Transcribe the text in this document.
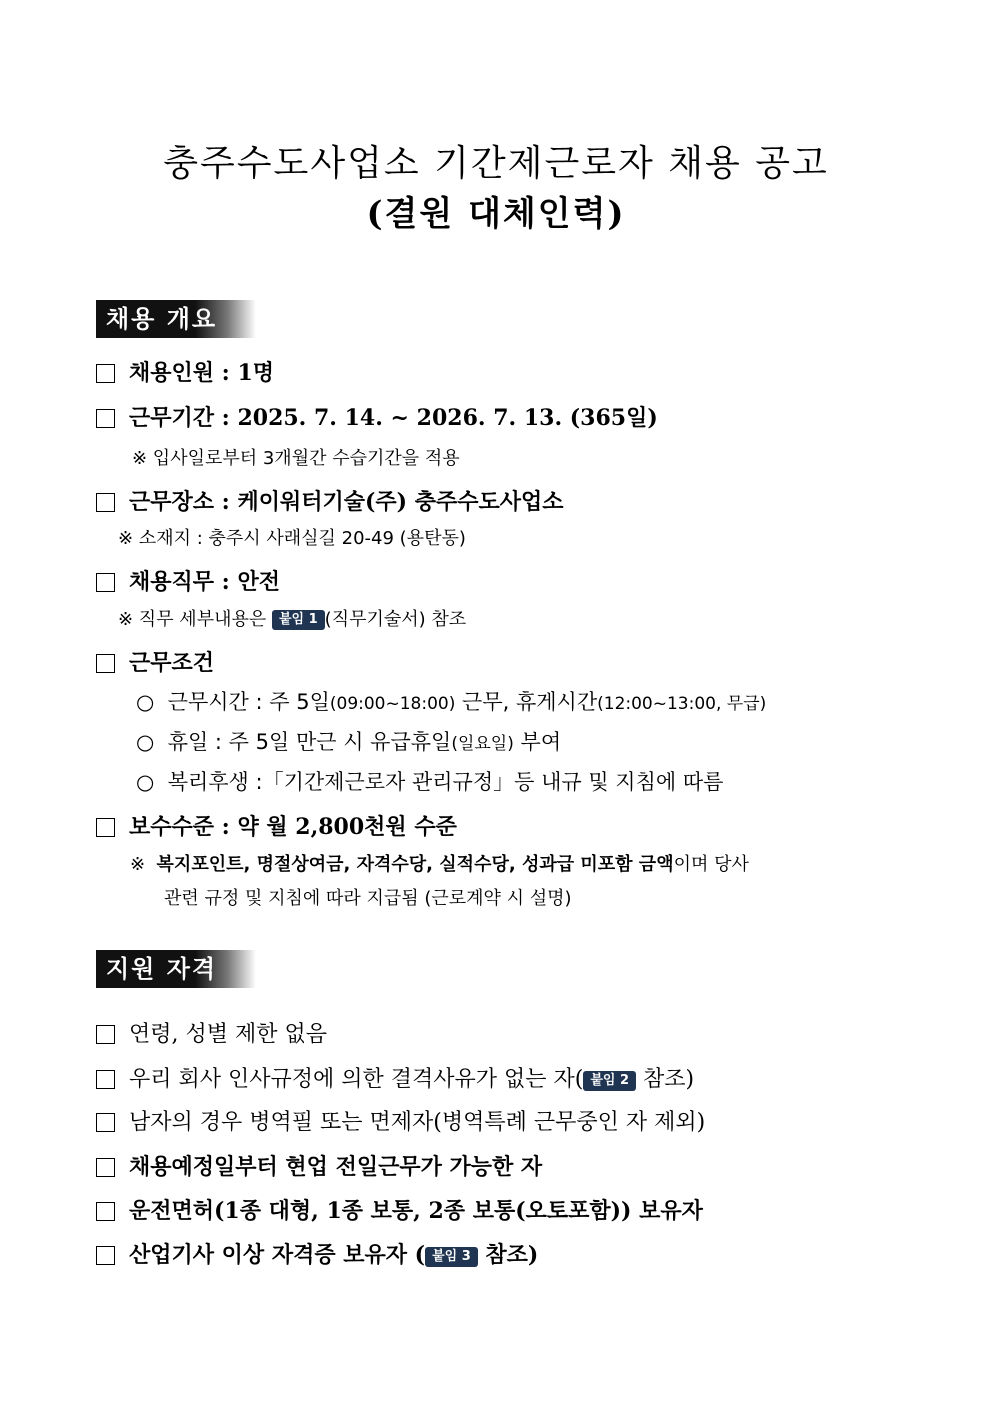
충주수도사업소 기간제근로자 채용 공고
(결원 대체인력)
채용 개요
채용인원 : 1명
근무기간 : 2025. 7. 14. ~ 2026. 7. 13. (365일)
※ 입사일로부터 3개월간 수습기간을 적용
근무장소 : 케이워터기술(주) 충주수도사업소
※ 소재지 : 충주시 사래실길 20-49 (용탄동)
채용직무 : 안전
※ 직무 세부내용은 붙임 1 (직무기술서) 참조
근무조건
○ 근무시간 : 주 5일(09:00~18:00) 근무, 휴게시간(12:00~13:00, 무급)
○ 휴일 : 주 5일 만근 시 유급휴일(일요일) 부여
○ 복리후생 :「기간제근로자 관리규정」등 내규 및 지침에 따름
보수수준 : 약 월 2,800천원 수준
※ 복지포인트, 명절상여금, 자격수당, 실적수당, 성과급 미포함 금액이며 당사
관련 규정 및 지침에 따라 지급됨 (근로계약 시 설명)
지원 자격
연령, 성별 제한 없음
우리 회사 인사규정에 의한 결격사유가 없는 자( 붙임 2 참조)
남자의 경우 병역필 또는 면제자(병역특례 근무중인 자 제외)
채용예정일부터 현업 전일근무가 가능한 자
운전면허(1종 대형, 1종 보통, 2종 보통(오토포함)) 보유자
산업기사 이상 자격증 보유자 ( 붙임 3 참조)
